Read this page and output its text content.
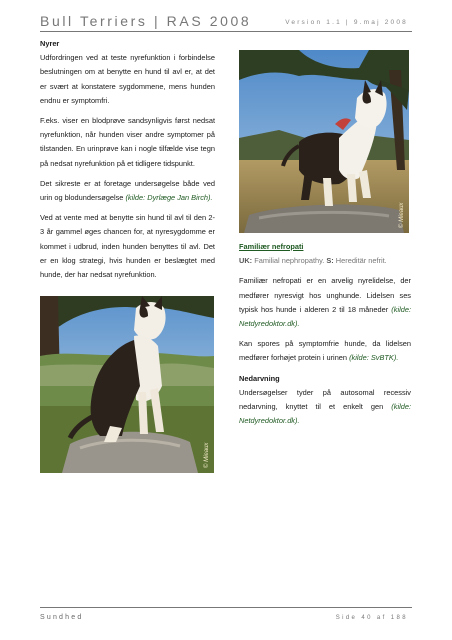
Bull Terriers | RAS 2008	Version 1.1 | 9.maj 2008

Nyrer

Udfordringen ved at teste nyrefunktion i forbindelse beslutningen om at benytte en hund til avl er, at det er svært at konstatere sygdommene, mens hunden endnu er symptomfri.

F.eks. viser en blodprøve sandsynligvis først nedsat nyrefunktion, når hunden viser andre symptomer på tilstanden. En urinprøve kan i nogle tilfælde vise tegn på nedsat nyrefunktion på et tidligere tidspunkt.

Det sikreste er at foretage undersøgelse både ved urin og blodundersøgelse (kilde: Dyrlæge Jan Birch).

Ved at vente med at benytte sin hund til avl til den 2-3 år gammel øges chancen for, at nyresygdomme er kommet i udbrud, inden hunden benyttes til avl. Det er en klog strategi, hvis hunden er beslægtet med hunde, der har nedsat nyrefunktion.

© Mieaux

Familiær nefropati

UK: Familial nephropathy. S: Hereditär nefrit.

Familiær nefropati er en arvelig nyrelidelse, der medfører nyresvigt hos unghunde. Lidelsen ses typisk hos hunde i alderen 2 til 18 måneder (kilde: Netdyredoktor.dk).

Kan spores på symptomfrie hunde, da lidelsen medfører forhøjet protein i urinen (kilde: SvBTK).

Nedarvning

Undersøgelser tyder på autosomal recessiv nedarvning, knyttet til et enkelt gen (kilde: Netdyredoktor.dk).

© Mieaux
Sundhed	Side 40 af 188
